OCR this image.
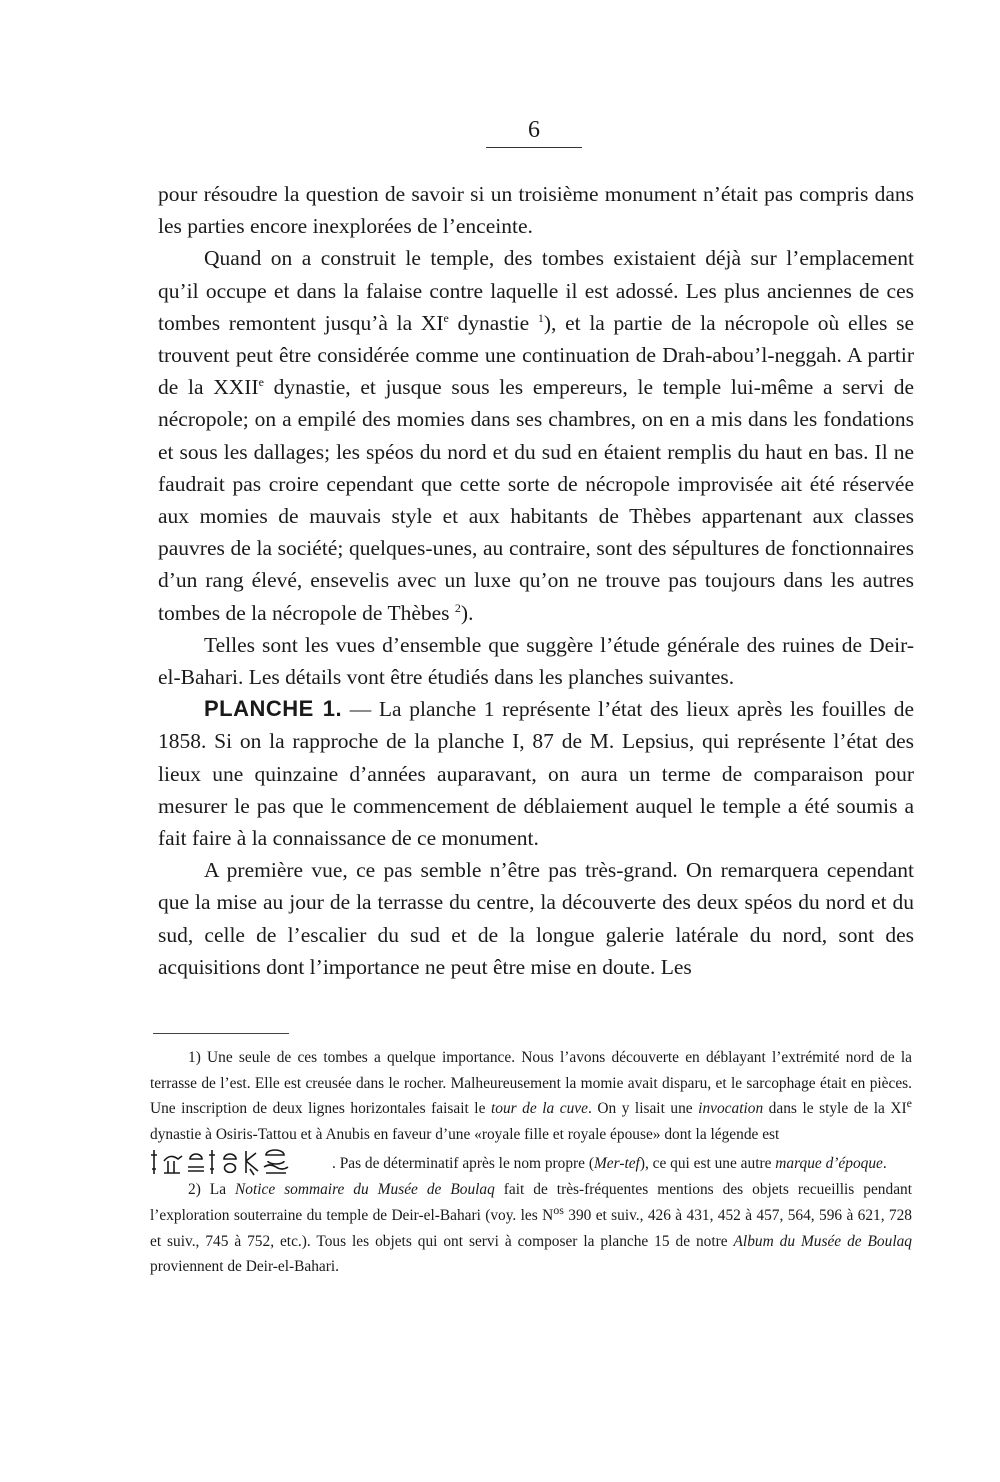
6

pour résoudre la question de savoir si un troisième monument n’était pas compris dans les parties encore inexplorées de l’enceinte.

Quand on a construit le temple, des tombes existaient déjà sur l’emplacement qu’il occupe et dans la falaise contre laquelle il est adossé. Les plus anciennes de ces tombes remontent jusqu’à la XIe dynastie $^1$), et la partie de la nécropole où elles se trouvent peut être considérée comme une continuation de Drah-abou’l-neggah. A partir de la XXIIe dynastie, et jusque sous les empereurs, le temple lui-même a servi de nécropole; on a empilé des momies dans ses chambres, on en a mis dans les fondations et sous les dallages; les spéos du nord et du sud en étaient remplis du haut en bas. Il ne faudrait pas croire cependant que cette sorte de nécropole improvisée ait été réservée aux momies de mauvais style et aux habitants de Thèbes appartenant aux classes pauvres de la société; quelques-unes, au contraire, sont des sépultures de fonctionnaires d’un rang élevé, ensevelis avec un luxe qu’on ne trouve pas toujours dans les autres tombes de la nécropole de Thèbes $^2$).

Telles sont les vues d’ensemble que suggère l’étude générale des ruines de Deir-el-Bahari. Les détails vont être étudiés dans les planches suivantes.

PLANCHE 1. — La planche 1 représente l’état des lieux après les fouilles de 1858. Si on la rapproche de la planche I, 87 de M. Lepsius, qui représente l’état des lieux une quinzaine d’années auparavant, on aura un terme de comparaison pour mesurer le pas que le commencement de déblaiement auquel le temple a été soumis a fait faire à la connaissance de ce monument.

A première vue, ce pas semble n’être pas très-grand. On remarquera cependant que la mise au jour de la terrasse du centre, la découverte des deux spéos du nord et du sud, celle de l’escalier du sud et de la longue galerie latérale du nord, sont des acquisitions dont l’importance ne peut être mise en doute. Les

1) Une seule de ces tombes a quelque importance. Nous l’avons découverte en déblayant l’extrémité nord de la terrasse de l’est. Elle est creusée dans le rocher. Malheureusement la momie avait disparu, et le sarcophage était en pièces. Une inscription de deux lignes horizontales faisait le tour de la cuve. On y lisait une invocation dans le style de la XIe dynastie à Osiris-Tattou et à Anubis en faveur d’une «royale fille et royale épouse» dont la légende est
. Pas de déterminatif après le nom propre (Mer-tef), ce qui est une autre marque d’époque.

2) La Notice sommaire du Musée de Boulaq fait de très-fréquentes mentions des objets recueillis pendant l’exploration souterraine du temple de Deir-el-Bahari (voy. les $N^{os}$ 390 et suiv., 426 à 431, 452 à 457, 564, 596 à 621, 728 et suiv., 745 à 752, etc.). Tous les objets qui ont servi à composer la planche 15 de notre Album du Musée de Boulaq proviennent de Deir-el-Bahari.
